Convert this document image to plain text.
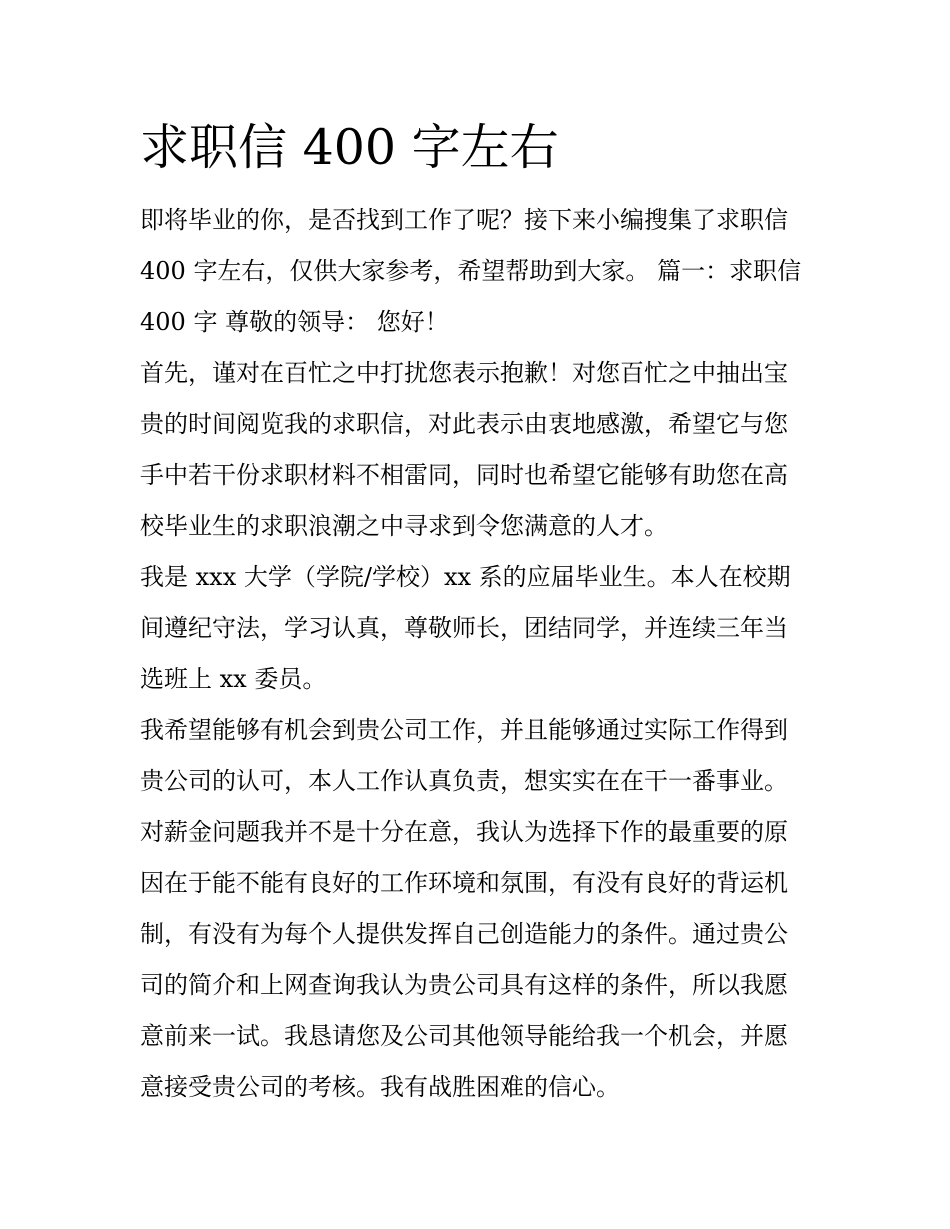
求职信 400 字左右

即将毕业的你，是否找到工作了呢？接下来小编搜集了求职信
400 字左右，仅供大家参考，希望帮助到大家。 篇一：求职信
400 字 尊敬的领导： 您好！

首先，谨对在百忙之中打扰您表示抱歉！对您百忙之中抽出宝
贵的时间阅览我的求职信，对此表示由衷地感激，希望它与您
手中若干份求职材料不相雷同，同时也希望它能够有助您在高
校毕业生的求职浪潮之中寻求到令您满意的人才。

我是 xxx 大学（学院/学校）xx 系的应届毕业生。本人在校期
间遵纪守法，学习认真，尊敬师长，团结同学，并连续三年当
选班上 xx 委员。

我希望能够有机会到贵公司工作，并且能够通过实际工作得到
贵公司的认可，本人工作认真负责，想实实在在干一番事业。

对薪金问题我并不是十分在意，我认为选择下作的最重要的原
因在于能不能有良好的工作环境和氛围，有没有良好的背运机
制，有没有为每个人提供发挥自己创造能力的条件。通过贵公
司的简介和上网查询我认为贵公司具有这样的条件，所以我愿
意前来一试。我恳请您及公司其他领导能给我一个机会，并愿
意接受贵公司的考核。我有战胜困难的信心。
